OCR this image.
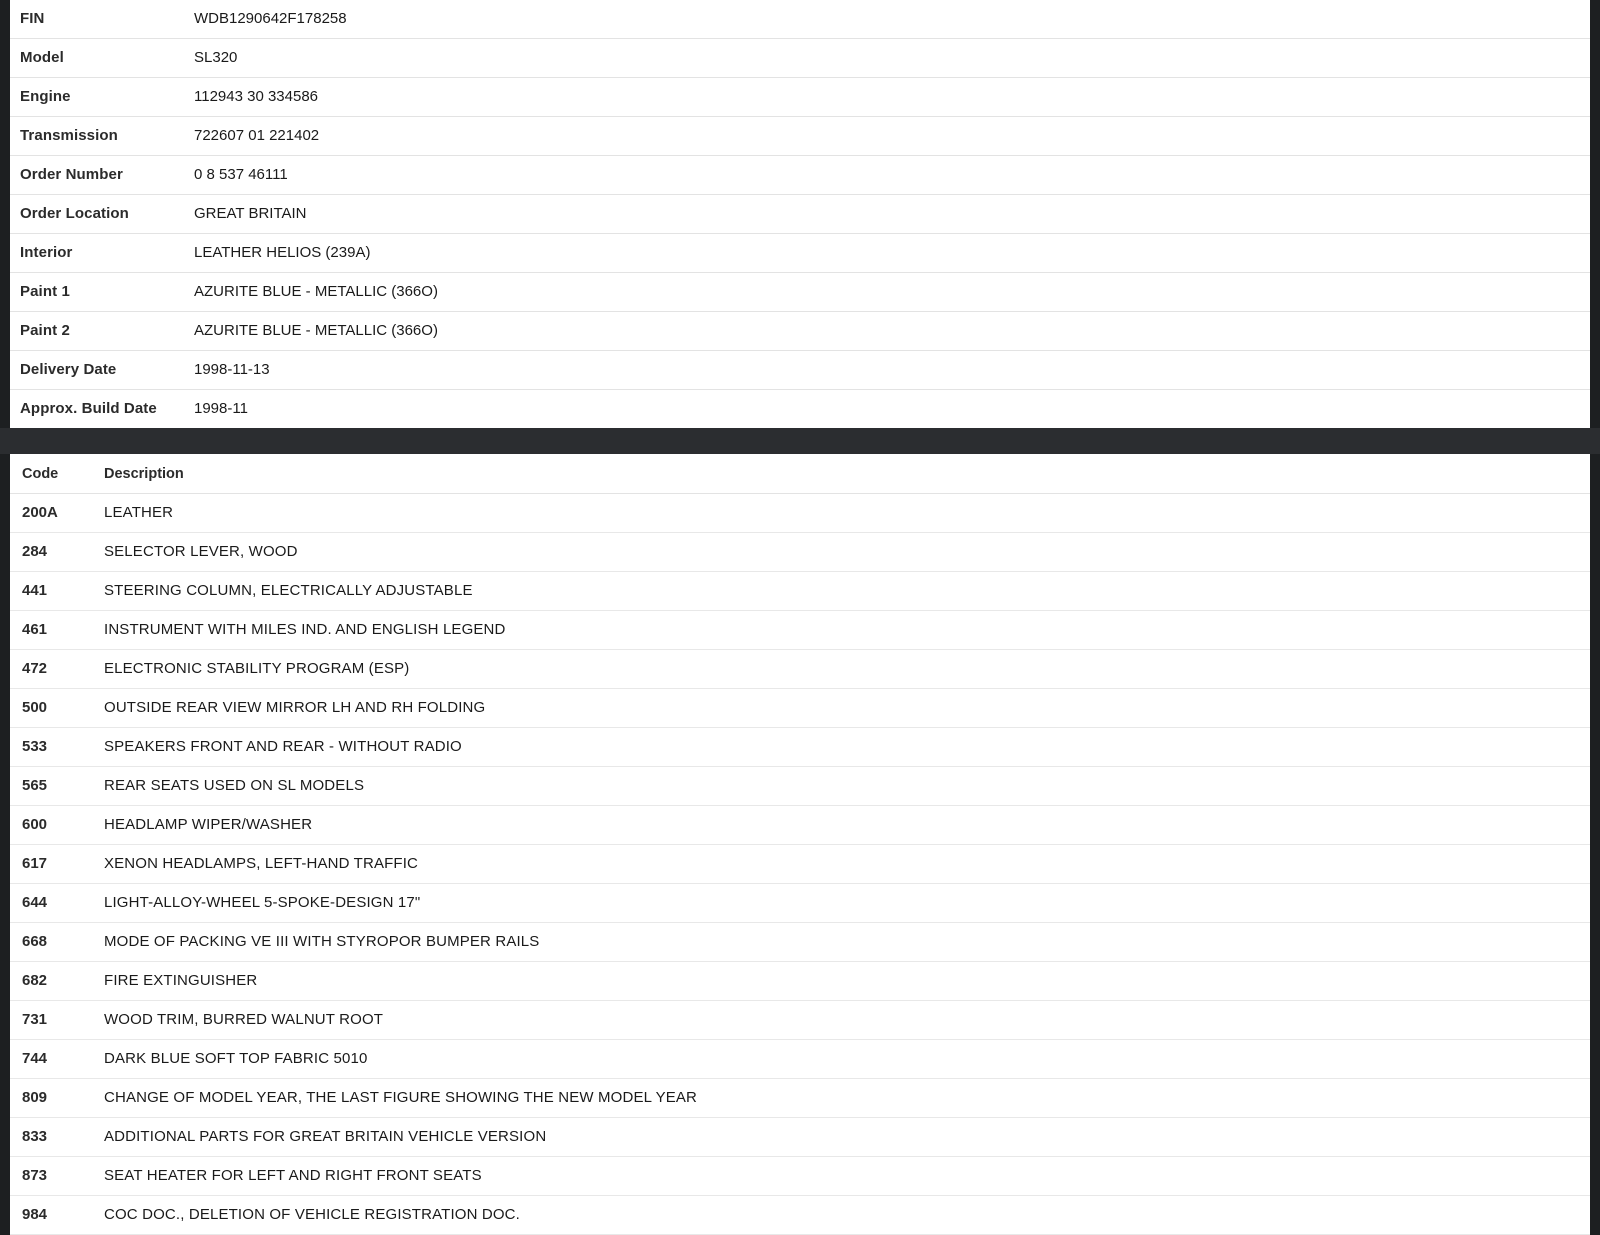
FIN	WDB1290642F178258
Model	SL320
Engine	112943 30 334586
Transmission	722607 01 221402
Order Number	0 8 537 46111
Order Location	GREAT BRITAIN
Interior	LEATHER HELIOS (239A)
Paint 1	AZURITE BLUE - METALLIC (366O)
Paint 2	AZURITE BLUE - METALLIC (366O)
Delivery Date	1998-11-13
Approx. Build Date	1998-11
Code	Description
200A	LEATHER
284	SELECTOR LEVER, WOOD
441	STEERING COLUMN, ELECTRICALLY ADJUSTABLE
461	INSTRUMENT WITH MILES IND. AND ENGLISH LEGEND
472	ELECTRONIC STABILITY PROGRAM (ESP)
500	OUTSIDE REAR VIEW MIRROR LH AND RH FOLDING
533	SPEAKERS FRONT AND REAR - WITHOUT RADIO
565	REAR SEATS USED ON SL MODELS
600	HEADLAMP WIPER/WASHER
617	XENON HEADLAMPS, LEFT-HAND TRAFFIC
644	LIGHT-ALLOY-WHEEL 5-SPOKE-DESIGN 17"
668	MODE OF PACKING VE III WITH STYROPOR BUMPER RAILS
682	FIRE EXTINGUISHER
731	WOOD TRIM, BURRED WALNUT ROOT
744	DARK BLUE SOFT TOP FABRIC 5010
809	CHANGE OF MODEL YEAR, THE LAST FIGURE SHOWING THE NEW MODEL YEAR
833	ADDITIONAL PARTS FOR GREAT BRITAIN VEHICLE VERSION
873	SEAT HEATER FOR LEFT AND RIGHT FRONT SEATS
984	COC DOC., DELETION OF VEHICLE REGISTRATION DOC.
